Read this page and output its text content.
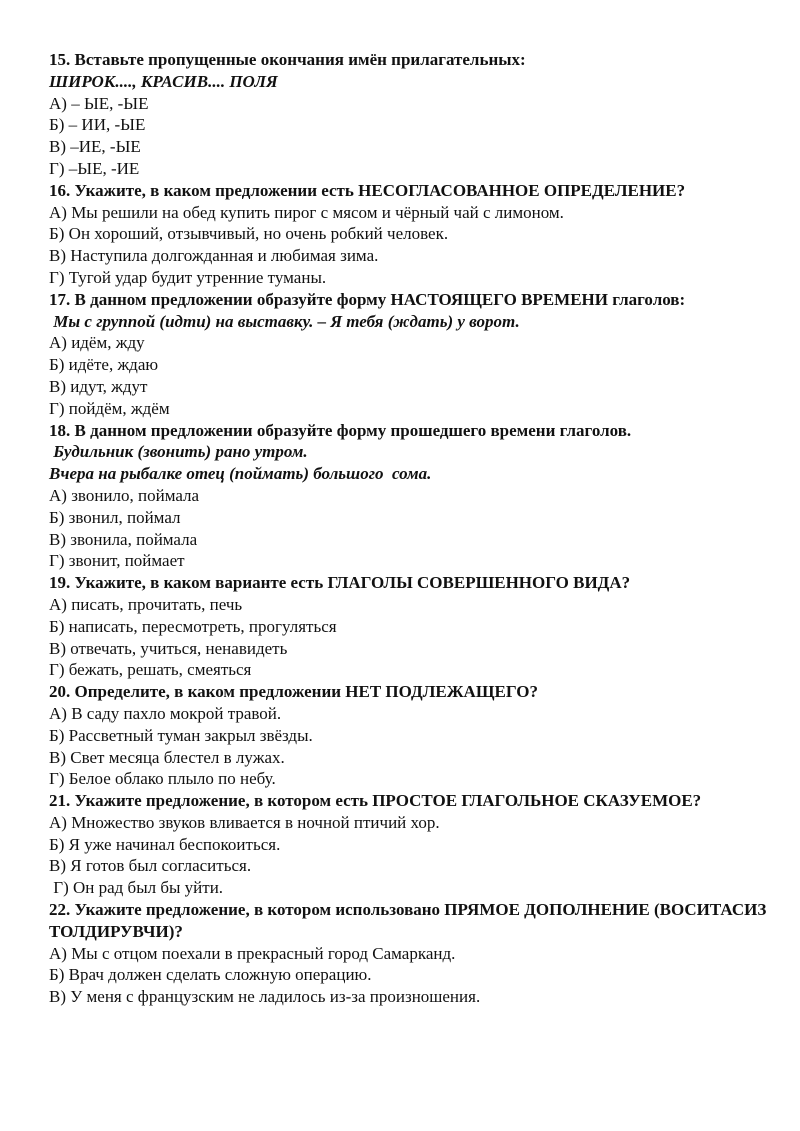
15. Вставьте пропущенные окончания имён прилагательных:

ШИРОК...., КРАСИВ.... ПОЛЯ

А) – ЫЕ, -ЫЕ

Б) – ИИ, -ЫЕ

В) –ИЕ, -ЫЕ

Г) –ЫЕ, -ИЕ

16. Укажите, в каком предложении есть НЕСОГЛАСОВАННОЕ ОПРЕДЕЛЕНИЕ?

А) Мы решили на обед купить пирог с мясом и чёрный чай с лимоном.

Б) Он хороший, отзывчивый, но очень робкий человек.

В) Наступила долгожданная и любимая зима.

Г) Тугой удар будит утренние туманы.

17. В данном предложении образуйте форму НАСТОЯЩЕГО ВРЕМЕНИ глаголов:

Мы с группой (идти) на выставку. – Я тебя (ждать) у ворот.

А) идём, жду

Б) идёте, ждаю

В) идут, ждут

Г) пойдём, ждём

18. В данном предложении образуйте форму прошедшего времени глаголов.

Будильник (звонить) рано утром.

Вчера на рыбалке отец (поймать) большого  сома.

А) звонило, поймала

Б) звонил, поймал

В) звонила, поймала

Г) звонит, поймает

19. Укажите, в каком варианте есть ГЛАГОЛЫ СОВЕРШЕННОГО ВИДА?

А) писать, прочитать, печь

Б) написать, пересмотреть, прогуляться

В) отвечать, учиться, ненавидеть

Г) бежать, решать, смеяться

20. Определите, в каком предложении НЕТ ПОДЛЕЖАЩЕГО?

А) В саду пахло мокрой травой.

Б) Рассветный туман закрыл звёзды.

В) Свет месяца блестел в лужах.

Г) Белое облако плыло по небу.

21. Укажите предложение, в котором есть ПРОСТОЕ ГЛАГОЛЬНОЕ СКАЗУЕМОЕ?

А) Множество звуков вливается в ночной птичий хор.

Б) Я уже начинал беспокоиться.

В) Я готов был согласиться.

Г) Он рад был бы уйти.

22. Укажите предложение, в котором использовано ПРЯМОЕ ДОПОЛНЕНИЕ (ВОСИТАСИЗ ТОЛДИРУВЧИ)?

А) Мы с отцом поехали в прекрасный город Самарканд.

Б) Врач должен сделать сложную операцию.

В) У меня с французским не ладилось из-за произношения.
